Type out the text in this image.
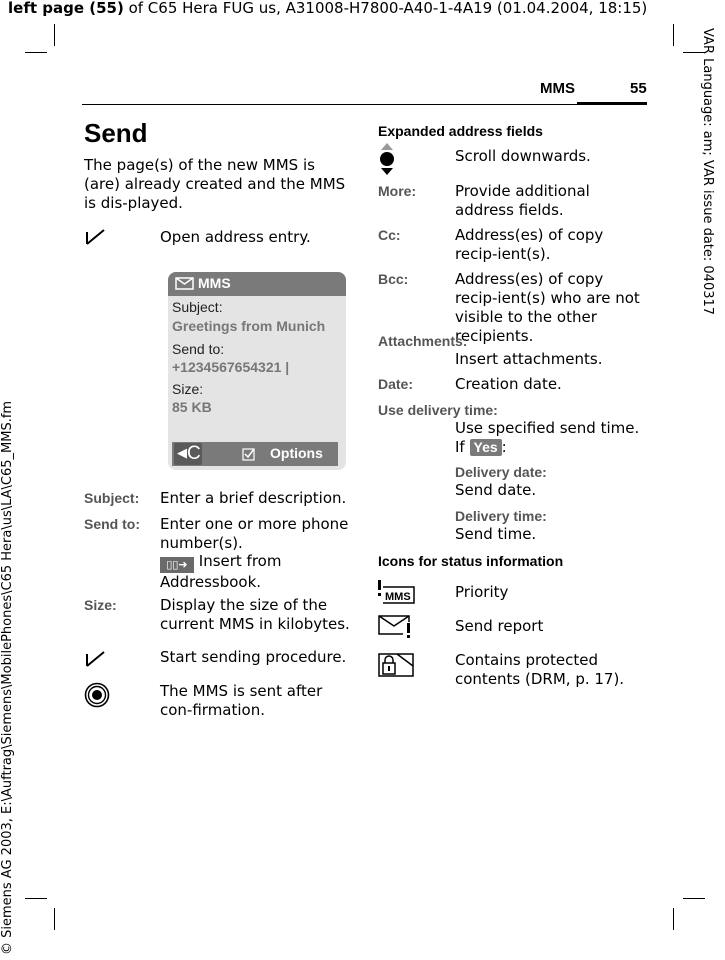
left page (55) of C65 Hera FUG us, A31008-H7800-A40-1-4A19 (01.04.2004, 18:15)
VAR Language: am; VAR issue date: 040317
© Siemens AG 2003, E:\Auftrag\Siemens\MobilePhones\C65 Hera\us\LA\C65_MMS.fm
MMS	55
Send
The page(s) of the new MMS is (are) already created and the MMS is dis-played.
Open address entry.
MMS
Subject:
Greetings from Munich
Send to:
+1234567654321 |
Size:
85 KB
◀ C	Options
Subject: Enter a brief description.
Send to: Enter one or more phone number(s).
▯▯➜ Insert from Addressbook.
Size:	Display the size of the current MMS in kilobytes.
Start sending procedure.
The MMS is sent after con-firmation.
Expanded address fields
Scroll downwards.
More:	Provide additional address fields.
Cc:	Address(es) of copy recip-ient(s).
Bcc:	Address(es) of copy recip-ient(s) who are not visible to the other recipients.
Attachments:
Insert attachments.
Date:	Creation date.
Use delivery time:
Use specified send time.
If Yes :
Delivery date:
Send date.
Delivery time:
Send time.
Icons for status information
MMS	Priority
Send report
Contains protected contents (DRM, p. 17).
